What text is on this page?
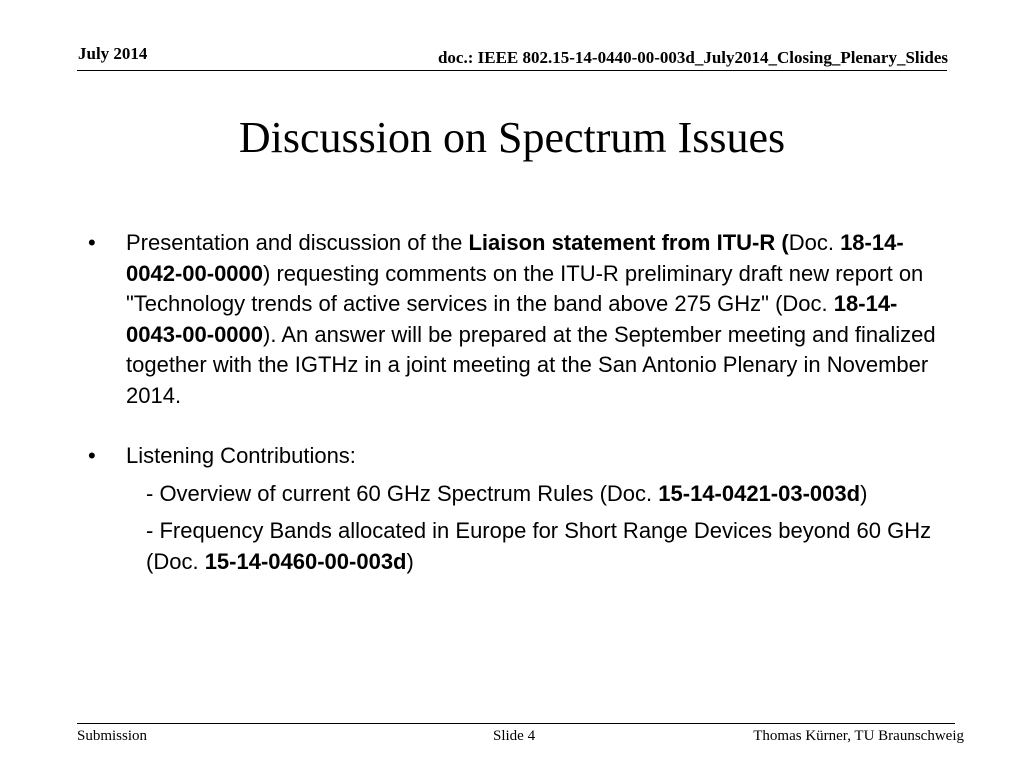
July 2014	doc.: IEEE 802.15-14-0440-00-003d_July2014_Closing_Plenary_Slides
Discussion on Spectrum Issues

• Presentation and discussion of the Liaison statement from ITU-R (Doc. 18-14-0042-00-0000) requesting comments on the ITU-R preliminary draft new report on "Technology trends of active services in the band above 275 GHz" (Doc. 18-14-0043-00-0000). An answer will be prepared at the September meeting and finalized together with the IGTHz in a joint meeting at the San Antonio Plenary in November 2014.

• Listening Contributions:

- Overview of current 60 GHz Spectrum Rules (Doc. 15-14-0421-03-003d)

- Frequency Bands allocated in Europe for Short Range Devices beyond 60 GHz (Doc. 15-14-0460-00-003d)

Submission	Slide 4	Thomas Kürner, TU Braunschweig
